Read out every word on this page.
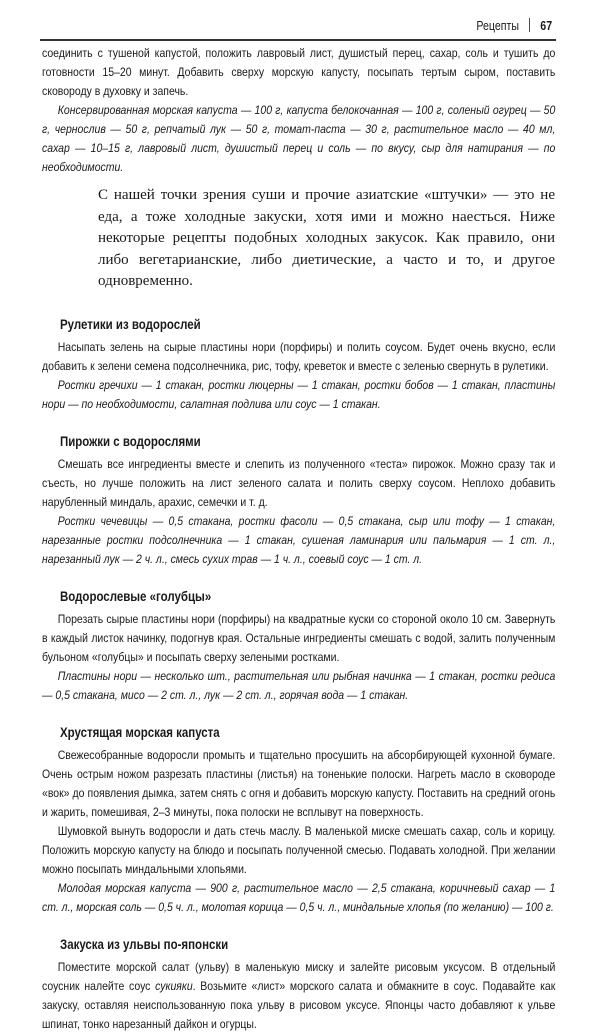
Рецепты 67

соединить с тушеной капустой, положить лавровый лист, душистый перец, сахар, соль и тушить до готовности 15–20 минут. Добавить сверху морскую капусту, посыпать тертым сыром, поставить сковороду в духовку и запечь.

Консервированная морская капуста — 100 г, капуста белокочанная — 100 г, соленый огурец — 50 г, чернослив — 50 г, репчатый лук — 50 г, томат-паста — 30 г, растительное масло — 40 мл, сахар — 10–15 г, лавровый лист, душистый перец и соль — по вкусу, сыр для натирания — по необходимости.

С нашей точки зрения суши и прочие азиатские «штучки» — это не еда, а тоже холодные закуски, хотя ими и можно наесться. Ниже некоторые рецепты подобных холодных закусок. Как правило, они либо вегетарианские, либо диетические, а часто и то, и другое одновременно.

Рулетики из водорослей

Насыпать зелень на сырые пластины нори (порфиры) и полить соусом. Будет очень вкусно, если добавить к зелени семена подсолнечника, рис, тофу, креветок и вместе с зеленью свернуть в рулетики.

Ростки гречихи — 1 стакан, ростки люцерны — 1 стакан, ростки бобов — 1 стакан, пластины нори — по необходимости, салатная подлива или соус — 1 стакан.

Пирожки с водорослями

Смешать все ингредиенты вместе и слепить из полученного «теста» пирожок. Можно сразу так и съесть, но лучше положить на лист зеленого салата и полить сверху соусом. Неплохо добавить нарубленный миндаль, арахис, семечки и т. д.

Ростки чечевицы — 0,5 стакана, ростки фасоли — 0,5 стакана, сыр или тофу — 1 стакан, нарезанные ростки подсолнечника — 1 стакан, сушеная ламинария или пальмария — 1 ст. л., нарезанный лук — 2 ч. л., смесь сухих трав — 1 ч. л., соевый соус — 1 ст. л.

Водорослевые «голубцы»

Порезать сырые пластины нори (порфиры) на квадратные куски со стороной около 10 см. Завернуть в каждый листок начинку, подогнув края. Остальные ингредиенты смешать с водой, залить полученным бульоном «голубцы» и посыпать сверху зелеными ростками.

Пластины нори — несколько шт., растительная или рыбная начинка — 1 стакан, ростки редиса — 0,5 стакана, мисо — 2 ст. л., лук — 2 ст. л., горячая вода — 1 стакан.

Хрустящая морская капуста

Свежесобранные водоросли промыть и тщательно просушить на абсорбирующей кухонной бумаге. Очень острым ножом разрезать пластины (листья) на тоненькие полоски. Нагреть масло в сковороде «вок» до появления дымка, затем снять с огня и добавить морскую капусту. Поставить на средний огонь и жарить, помешивая, 2–3 минуты, пока полоски не всплывут на поверхность.

Шумовкой вынуть водоросли и дать стечь маслу. В маленькой миске смешать сахар, соль и корицу. Положить морскую капусту на блюдо и посыпать полученной смесью. Подавать холодной. При желании можно посыпать миндальными хлопьями.

Молодая морская капуста — 900 г, растительное масло — 2,5 стакана, коричневый сахар — 1 ст. л., морская соль — 0,5 ч. л., молотая корица — 0,5 ч. л., миндальные хлопья (по желанию) — 100 г.

Закуска из ульвы по-японски

Поместите морской салат (ульву) в маленькую миску и залейте рисовым уксусом. В отдельный соусник налейте соус сукияки. Возьмите «лист» морского салата и обмакните в соус. Подавайте как закуску, оставляя неиспользованную пока ульву в рисовом уксусе. Японцы часто добавляют к ульве шпинат, тонко нарезанный дайкон и огурцы.
